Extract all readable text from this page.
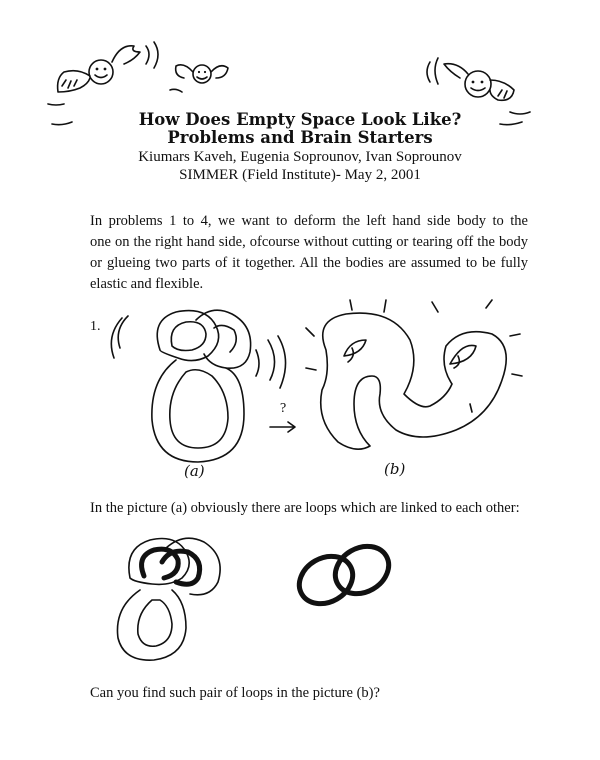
How Does Empty Space Look Like?
Problems and Brain Starters
Kiumars Kaveh, Eugenia Soprounov, Ivan Soprounov
SIMMER (Field Institute)- May 2, 2001
In problems 1 to 4, we want to deform the left hand side body to the
one on the right hand side, ofcourse without cutting or tearing off the body
or glueing two parts of it together. All the bodies are assumed to be fully
elastic and flexible.
1.
?
(a)	(b)
In the picture (a) obviously there are loops which are linked to each other:
Can you find such pair of loops in the picture (b)?
